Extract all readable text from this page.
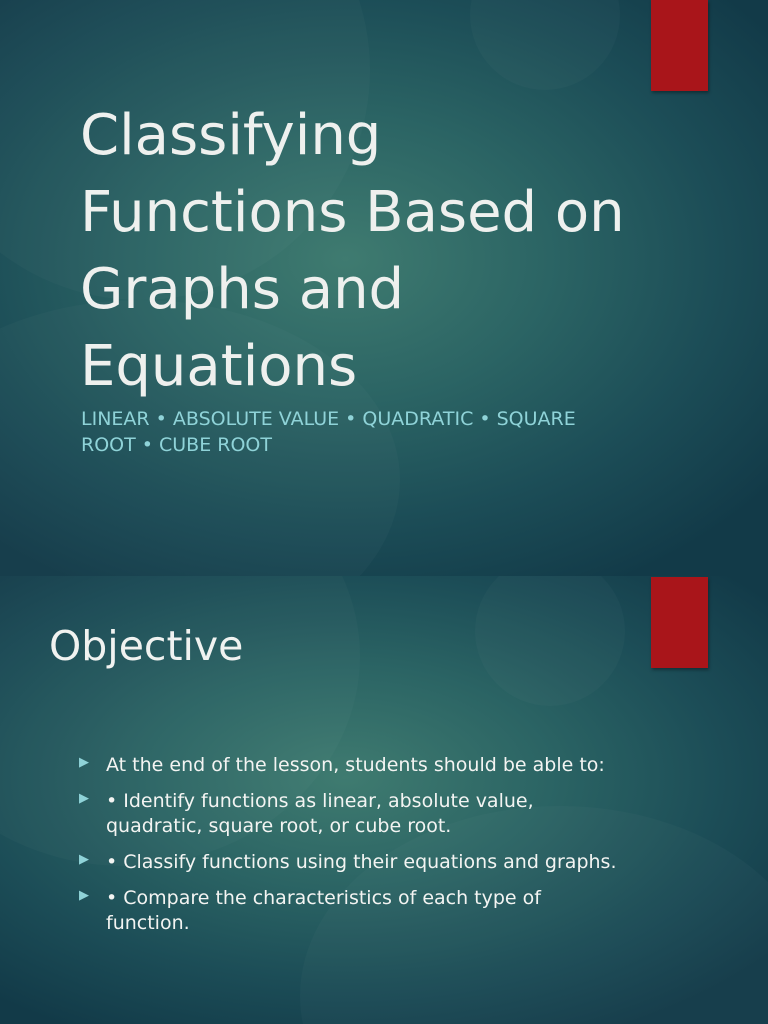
Classifying Functions Based on Graphs and Equations

LINEAR • ABSOLUTE VALUE • QUADRATIC • SQUARE ROOT • CUBE ROOT

Objective
▶ At the end of the lesson, students should be able to:
▶ • Identify functions as linear, absolute value, quadratic, square root, or cube root.
▶ • Classify functions using their equations and graphs.
▶ • Compare the characteristics of each type of function.
